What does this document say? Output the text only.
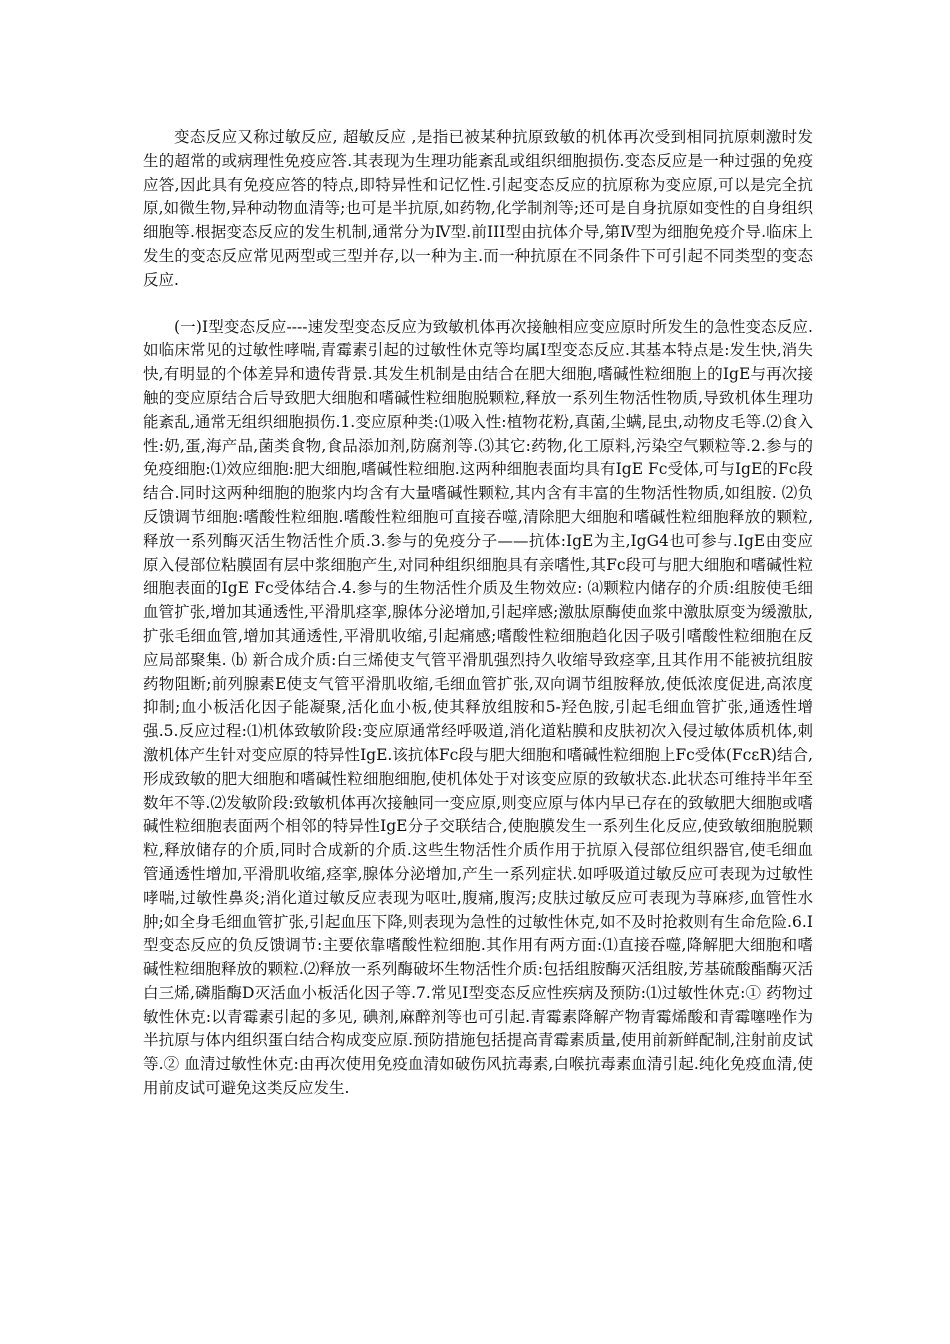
变态反应又称过敏反应, 超敏反应 ,是指已被某种抗原致敏的机体再次受到相同抗原刺激时发生的超常的或病理性免疫应答.其表现为生理功能紊乱或组织细胞损伤.变态反应是一种过强的免疫应答,因此具有免疫应答的特点,即特异性和记忆性.引起变态反应的抗原称为变应原,可以是完全抗原,如微生物,异种动物血清等;也可是半抗原,如药物,化学制剂等;还可是自身抗原如变性的自身组织细胞等.根据变态反应的发生机制,通常分为Ⅳ型.前III型由抗体介导,第Ⅳ型为细胞免疫介导.临床上发生的变态反应常见两型或三型并存,以一种为主.而一种抗原在不同条件下可引起不同类型的变态反应.

(一)Ⅰ型变态反应----速发型变态反应为致敏机体再次接触相应变应原时所发生的急性变态反应.如临床常见的过敏性哮喘,青霉素引起的过敏性休克等均属Ⅰ型变态反应.其基本特点是:发生快,消失快,有明显的个体差异和遗传背景.其发生机制是由结合在肥大细胞,嗜碱性粒细胞上的IgE与再次接触的变应原结合后导致肥大细胞和嗜碱性粒细胞脱颗粒,释放一系列生物活性物质,导致机体生理功能紊乱,通常无组织细胞损伤.1.变应原种类:⑴吸入性:植物花粉,真菌,尘螨,昆虫,动物皮毛等.⑵食入性:奶,蛋,海产品,菌类食物,食品添加剂,防腐剂等.⑶其它:药物,化工原料,污染空气颗粒等.2.参与的免疫细胞:⑴效应细胞:肥大细胞,嗜碱性粒细胞.这两种细胞表面均具有IgE Fc受体,可与IgE的Fc段结合.同时这两种细胞的胞浆内均含有大量嗜碱性颗粒,其内含有丰富的生物活性物质,如组胺. ⑵负反馈调节细胞:嗜酸性粒细胞.嗜酸性粒细胞可直接吞噬,清除肥大细胞和嗜碱性粒细胞释放的颗粒,释放一系列酶灭活生物活性介质.3.参与的免疫分子——抗体:IgE为主,IgG4也可参与.IgE由变应原入侵部位粘膜固有层中浆细胞产生,对同种组织细胞具有亲嗜性,其Fc段可与肥大细胞和嗜碱性粒细胞表面的IgE Fc受体结合.4.参与的生物活性介质及生物效应: ⒜颗粒内储存的介质:组胺使毛细血管扩张,增加其通透性,平滑肌痉挛,腺体分泌增加,引起痒感;激肽原酶使血浆中激肽原变为缓激肽,扩张毛细血管,增加其通透性,平滑肌收缩,引起痛感;嗜酸性粒细胞趋化因子吸引嗜酸性粒细胞在反应局部聚集. ⒝ 新合成介质:白三烯使支气管平滑肌强烈持久收缩导致痉挛,且其作用不能被抗组胺药物阻断;前列腺素E使支气管平滑肌收缩,毛细血管扩张,双向调节组胺释放,使低浓度促进,高浓度抑制;血小板活化因子能凝聚,活化血小板,使其释放组胺和5-羟色胺,引起毛细血管扩张,通透性增强.5.反应过程:⑴机体致敏阶段:变应原通常经呼吸道,消化道粘膜和皮肤初次入侵过敏体质机体,刺激机体产生针对变应原的特异性IgE.该抗体Fc段与肥大细胞和嗜碱性粒细胞上Fc受体(FcεR)结合,形成致敏的肥大细胞和嗜碱性粒细胞细胞,使机体处于对该变应原的致敏状态.此状态可维持半年至数年不等.⑵发敏阶段:致敏机体再次接触同一变应原,则变应原与体内早已存在的致敏肥大细胞或嗜碱性粒细胞表面两个相邻的特异性IgE分子交联结合,使胞膜发生一系列生化反应,使致敏细胞脱颗粒,释放储存的介质,同时合成新的介质.这些生物活性介质作用于抗原入侵部位组织器官,使毛细血管通透性增加,平滑肌收缩,痉挛,腺体分泌增加,产生一系列症状.如呼吸道过敏反应可表现为过敏性哮喘,过敏性鼻炎;消化道过敏反应表现为呕吐,腹痛,腹泻;皮肤过敏反应可表现为荨麻疹,血管性水肿;如全身毛细血管扩张,引起血压下降,则表现为急性的过敏性休克,如不及时抢救则有生命危险.6.Ⅰ型变态反应的负反馈调节:主要依靠嗜酸性粒细胞.其作用有两方面:⑴直接吞噬,降解肥大细胞和嗜碱性粒细胞释放的颗粒.⑵释放一系列酶破坏生物活性介质:包括组胺酶灭活组胺,芳基硫酸酯酶灭活白三烯,磷脂酶D灭活血小板活化因子等.7.常见Ⅰ型变态反应性疾病及预防:⑴过敏性休克:① 药物过敏性休克:以青霉素引起的多见, 碘剂,麻醉剂等也可引起.青霉素降解产物青霉烯酸和青霉噻唑作为半抗原与体内组织蛋白结合构成变应原.预防措施包括提高青霉素质量,使用前新鲜配制,注射前皮试等.② 血清过敏性休克:由再次使用免疫血清如破伤风抗毒素,白喉抗毒素血清引起.纯化免疫血清,使用前皮试可避免这类反应发生.
